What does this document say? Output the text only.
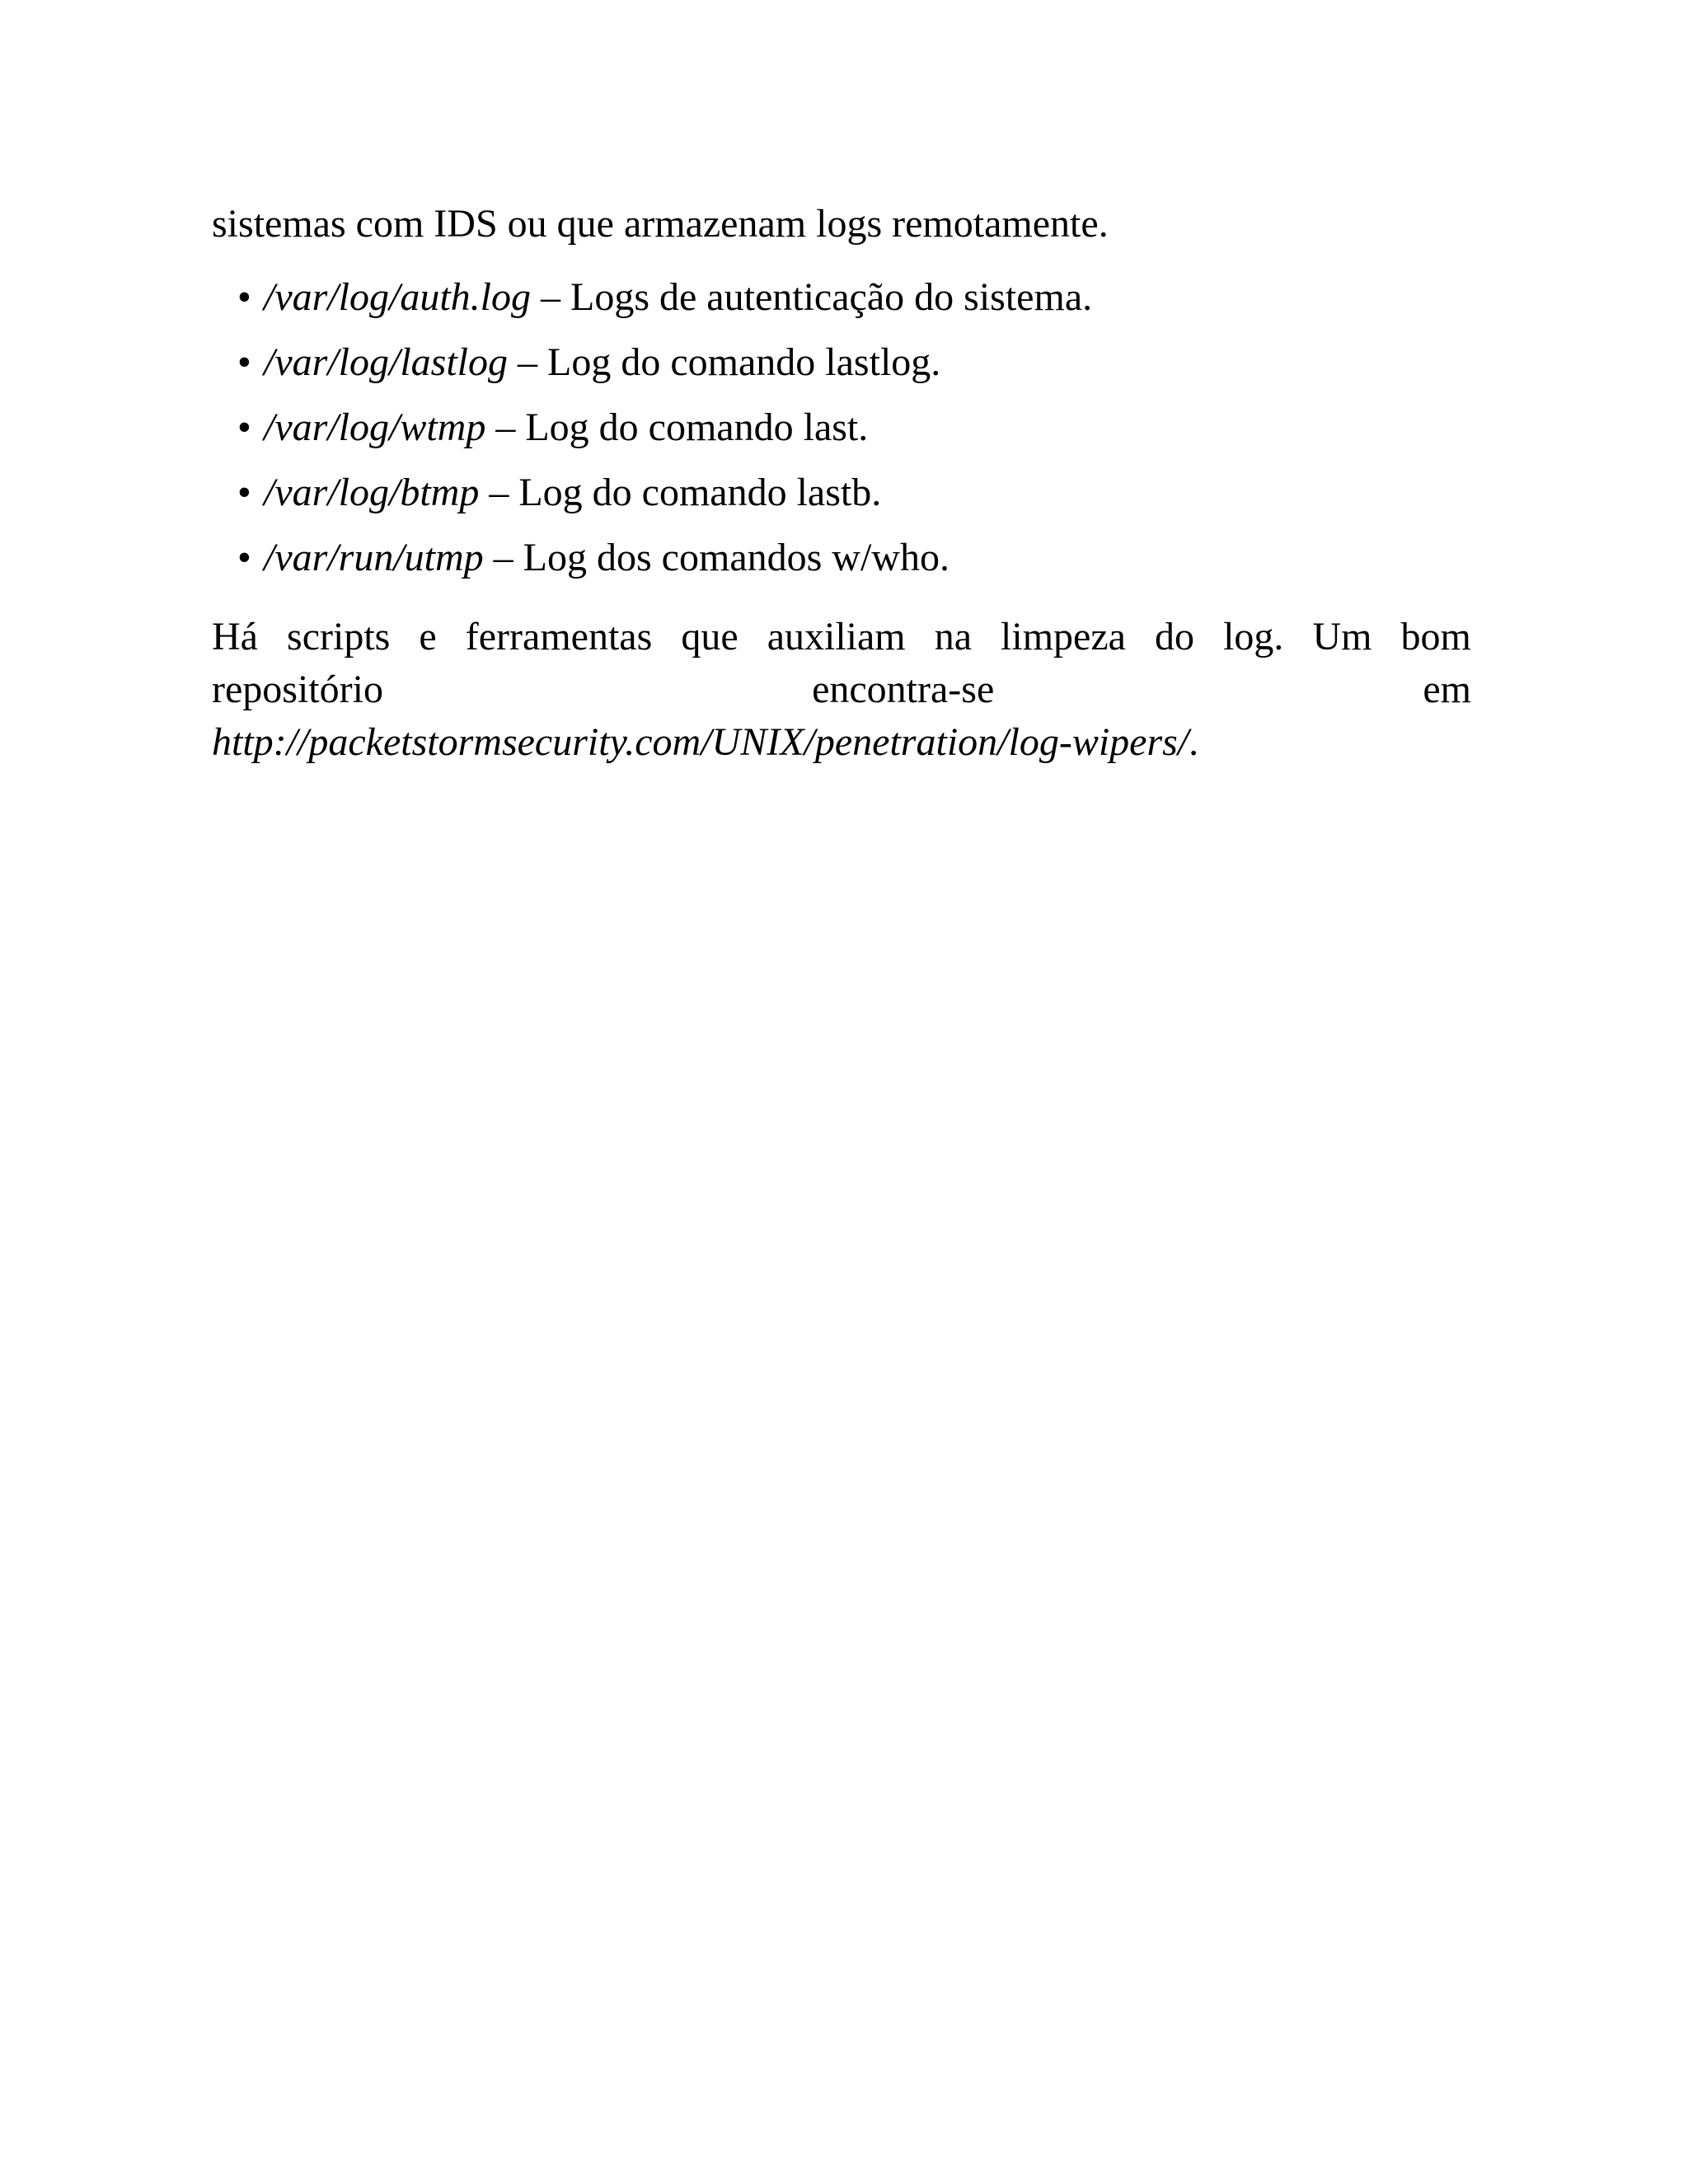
sistemas com IDS ou que armazenam logs remotamente.

• /var/log/auth.log – Logs de autenticação do sistema.
• /var/log/lastlog – Log do comando lastlog.
• /var/log/wtmp – Log do comando last.
• /var/log/btmp – Log do comando lastb.
• /var/run/utmp – Log dos comandos w/who.
Há scripts e ferramentas que auxiliam na limpeza do log. Um bom
repositório	encontra-se	em
http://packetstormsecurity.com/UNIX/penetration/log-wipers/.
